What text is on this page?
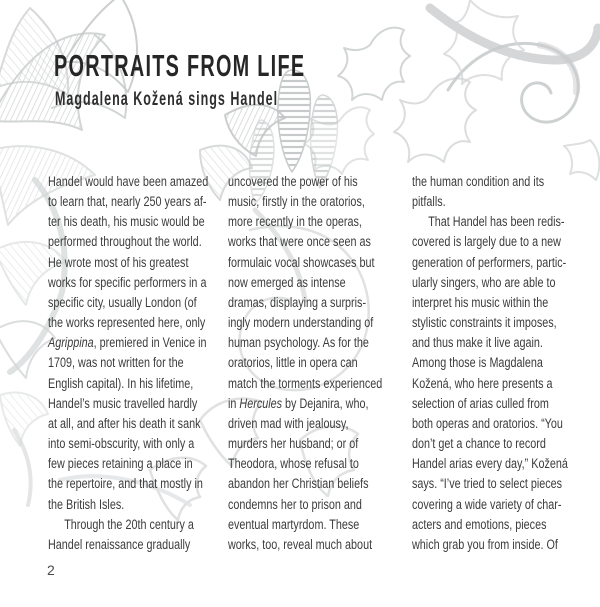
PORTRAITS FROM LIFE
Magdalena Kožená sings Handel
Handel would have been amazed
to learn that, nearly 250 years af-
ter his death, his music would be
performed throughout the world.
He wrote most of his greatest
works for specific performers in a
specific city, usually London (of
the works represented here, only
Agrippina, premiered in Venice in
1709, was not written for the
English capital). In his lifetime,
Handel’s music travelled hardly
at all, and after his death it sank
into semi-obscurity, with only a
few pieces retaining a place in
the repertoire, and that mostly in
the British Isles.
  Through the 20th century a
Handel renaissance gradually
uncovered the power of his
music, firstly in the oratorios,
more recently in the operas,
works that were once seen as
formulaic vocal showcases but
now emerged as intense
dramas, displaying a surpris-
ingly modern understanding of
human psychology. As for the
oratorios, little in opera can
match the torments experienced
in Hercules by Dejanira, who,
driven mad with jealousy,
murders her husband; or of
Theodora, whose refusal to
abandon her Christian beliefs
condemns her to prison and
eventual martyrdom. These
works, too, reveal much about
the human condition and its
pitfalls.
  That Handel has been redis-
covered is largely due to a new
generation of performers, partic-
ularly singers, who are able to
interpret his music within the
stylistic constraints it imposes,
and thus make it live again.
Among those is Magdalena
Kožená, who here presents a
selection of arias culled from
both operas and oratorios. “You
don’t get a chance to record
Handel arias every day,” Kožená
says. “I’ve tried to select pieces
covering a wide variety of char-
acters and emotions, pieces
which grab you from inside. Of
2
